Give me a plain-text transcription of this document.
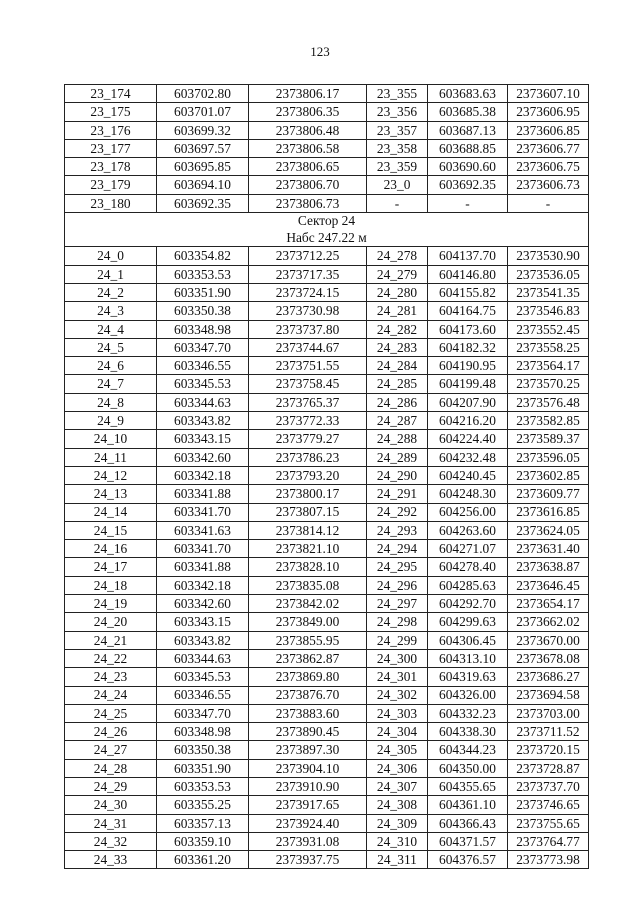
123
23_174	603702.80	2373806.17	23_355	603683.63	2373607.10
23_175	603701.07	2373806.35	23_356	603685.38	2373606.95
23_176	603699.32	2373806.48	23_357	603687.13	2373606.85
23_177	603697.57	2373806.58	23_358	603688.85	2373606.77
23_178	603695.85	2373806.65	23_359	603690.60	2373606.75
23_179	603694.10	2373806.70	23_0	603692.35	2373606.73
23_180	603692.35	2373806.73	-	-	-
Сектор 24					
Набс 247.22 м					
24_0	603354.82	2373712.25	24_278	604137.70	2373530.90
24_1	603353.53	2373717.35	24_279	604146.80	2373536.05
24_2	603351.90	2373724.15	24_280	604155.82	2373541.35
24_3	603350.38	2373730.98	24_281	604164.75	2373546.83
24_4	603348.98	2373737.80	24_282	604173.60	2373552.45
24_5	603347.70	2373744.67	24_283	604182.32	2373558.25
24_6	603346.55	2373751.55	24_284	604190.95	2373564.17
24_7	603345.53	2373758.45	24_285	604199.48	2373570.25
24_8	603344.63	2373765.37	24_286	604207.90	2373576.48
24_9	603343.82	2373772.33	24_287	604216.20	2373582.85
24_10	603343.15	2373779.27	24_288	604224.40	2373589.37
24_11	603342.60	2373786.23	24_289	604232.48	2373596.05
24_12	603342.18	2373793.20	24_290	604240.45	2373602.85
24_13	603341.88	2373800.17	24_291	604248.30	2373609.77
24_14	603341.70	2373807.15	24_292	604256.00	2373616.85
24_15	603341.63	2373814.12	24_293	604263.60	2373624.05
24_16	603341.70	2373821.10	24_294	604271.07	2373631.40
24_17	603341.88	2373828.10	24_295	604278.40	2373638.87
24_18	603342.18	2373835.08	24_296	604285.63	2373646.45
24_19	603342.60	2373842.02	24_297	604292.70	2373654.17
24_20	603343.15	2373849.00	24_298	604299.63	2373662.02
24_21	603343.82	2373855.95	24_299	604306.45	2373670.00
24_22	603344.63	2373862.87	24_300	604313.10	2373678.08
24_23	603345.53	2373869.80	24_301	604319.63	2373686.27
24_24	603346.55	2373876.70	24_302	604326.00	2373694.58
24_25	603347.70	2373883.60	24_303	604332.23	2373703.00
24_26	603348.98	2373890.45	24_304	604338.30	2373711.52
24_27	603350.38	2373897.30	24_305	604344.23	2373720.15
24_28	603351.90	2373904.10	24_306	604350.00	2373728.87
24_29	603353.53	2373910.90	24_307	604355.65	2373737.70
24_30	603355.25	2373917.65	24_308	604361.10	2373746.65
24_31	603357.13	2373924.40	24_309	604366.43	2373755.65
24_32	603359.10	2373931.08	24_310	604371.57	2373764.77
24_33	603361.20	2373937.75	24_311	604376.57	2373773.98
